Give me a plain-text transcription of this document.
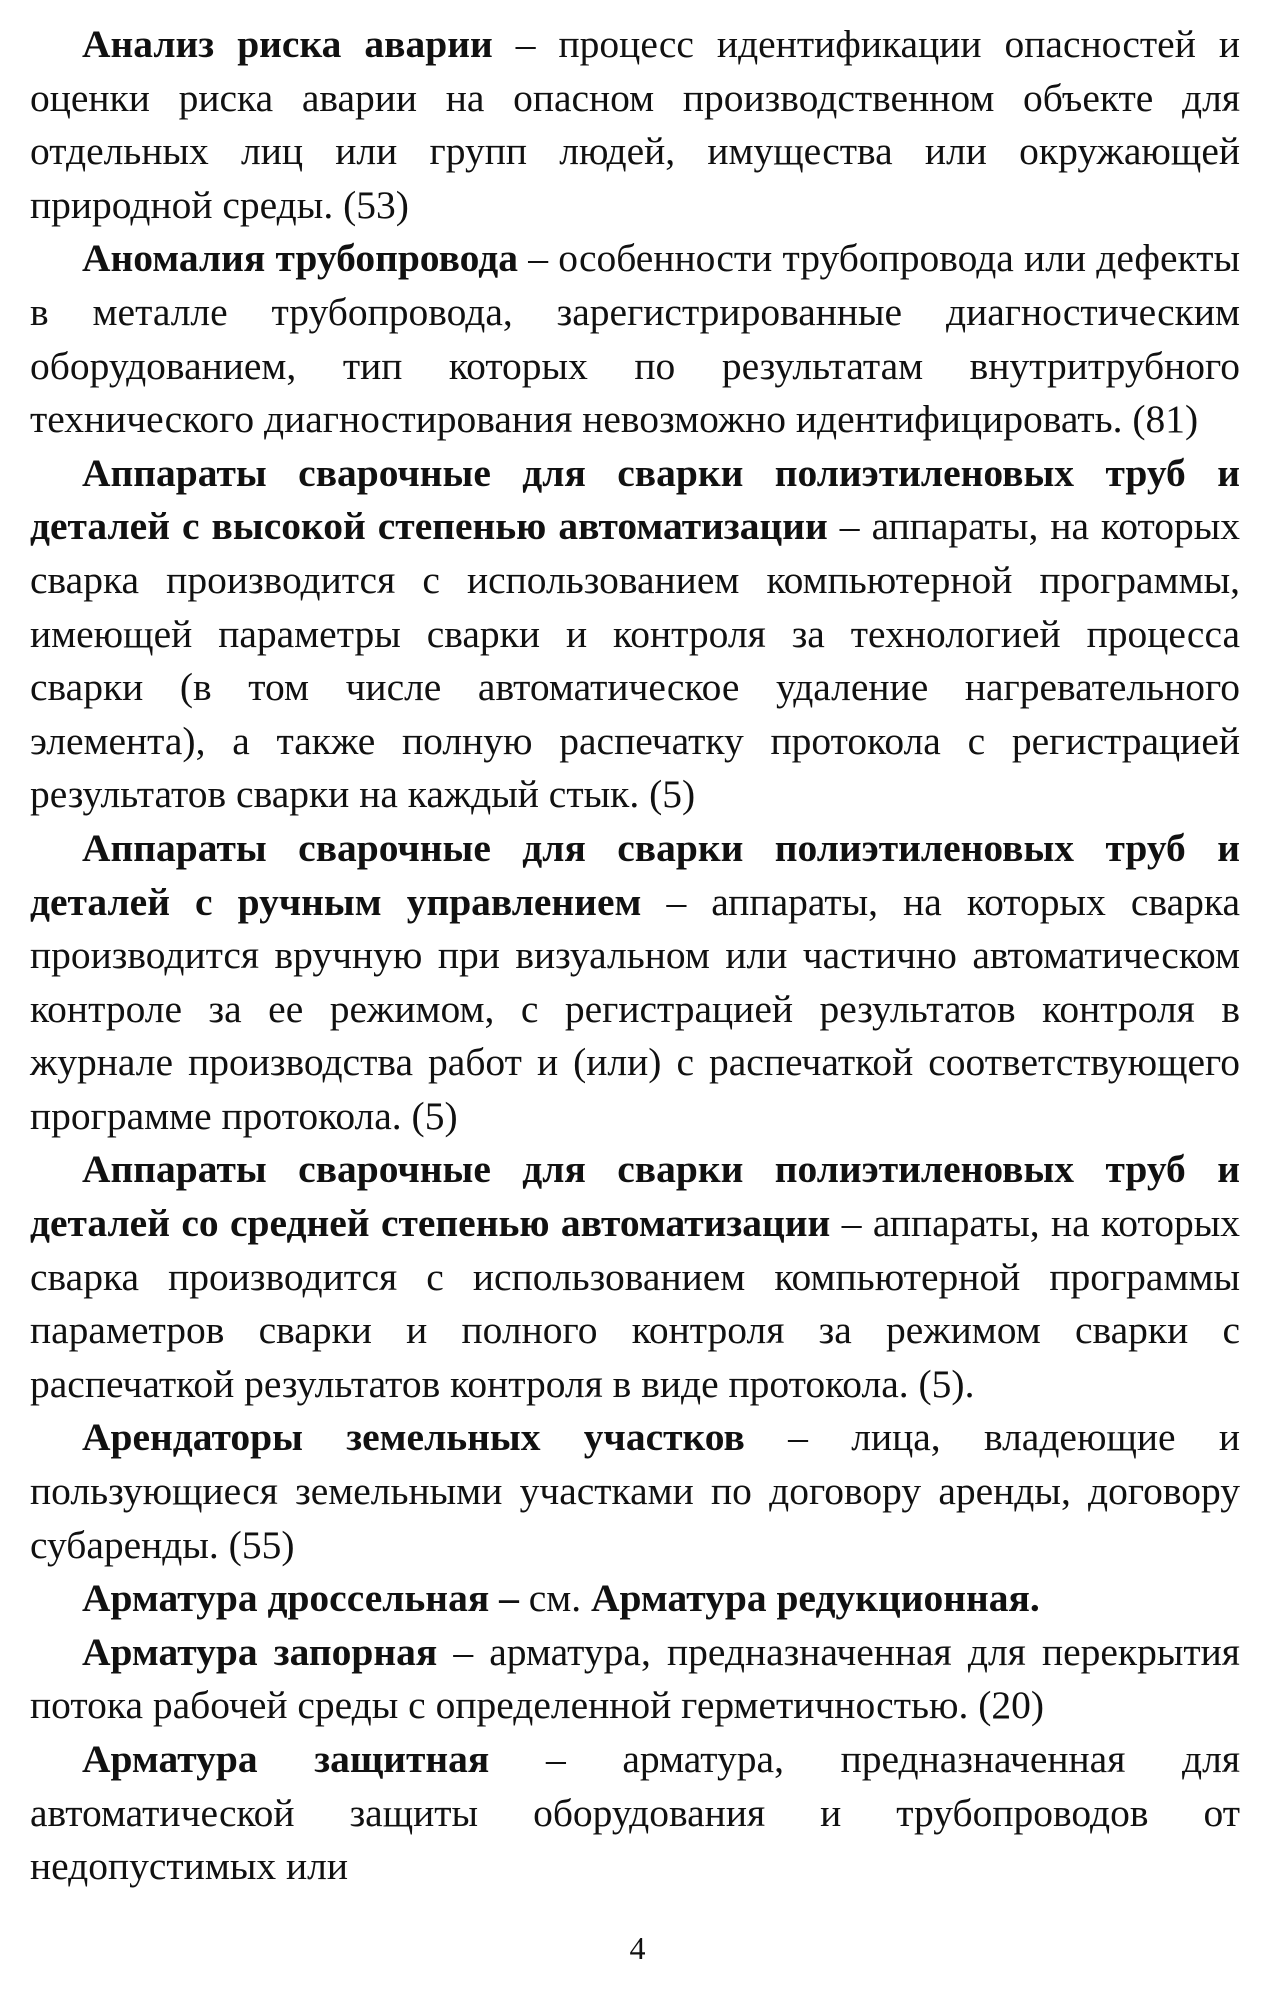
Анализ риска аварии – процесс идентификации опасностей и оценки риска аварии на опасном производственном объекте для отдельных лиц или групп людей, имущества или окружающей природной среды. (53)

Аномалия трубопровода – особенности трубопровода или дефекты в металле трубопровода, зарегистрированные диагностическим оборудованием, тип которых по результатам внутритрубного технического диагностирования невозможно идентифицировать. (81)

Аппараты сварочные для сварки полиэтиленовых труб и деталей с высокой степенью автоматизации – аппараты, на которых сварка производится с использованием компьютерной программы, имеющей параметры сварки и контроля за технологией процесса сварки (в том числе автоматическое удаление нагревательного элемента), а также полную распечатку протокола с регистрацией результатов сварки на каждый стык. (5)

Аппараты сварочные для сварки полиэтиленовых труб и деталей с ручным управлением – аппараты, на которых сварка производится вручную при визуальном или частично автоматическом контроле за ее режимом, с регистрацией результатов контроля в журнале производства работ и (или) с распечаткой соответствующего программе протокола. (5)

Аппараты сварочные для сварки полиэтиленовых труб и деталей со средней степенью автоматизации – аппараты, на которых сварка производится с использованием компьютерной программы параметров сварки и полного контроля за режимом сварки с распечаткой результатов контроля в виде протокола. (5).

Арендаторы земельных участков – лица, владеющие и пользующиеся земельными участками по договору аренды, договору субаренды. (55)

Арматура дроссельная – см. Арматура редукционная.

Арматура запорная – арматура, предназначенная для перекрытия потока рабочей среды с определенной герметичностью. (20)

Арматура защитная – арматура, предназначенная для автоматической защиты оборудования и трубопроводов от недопустимых или

4
